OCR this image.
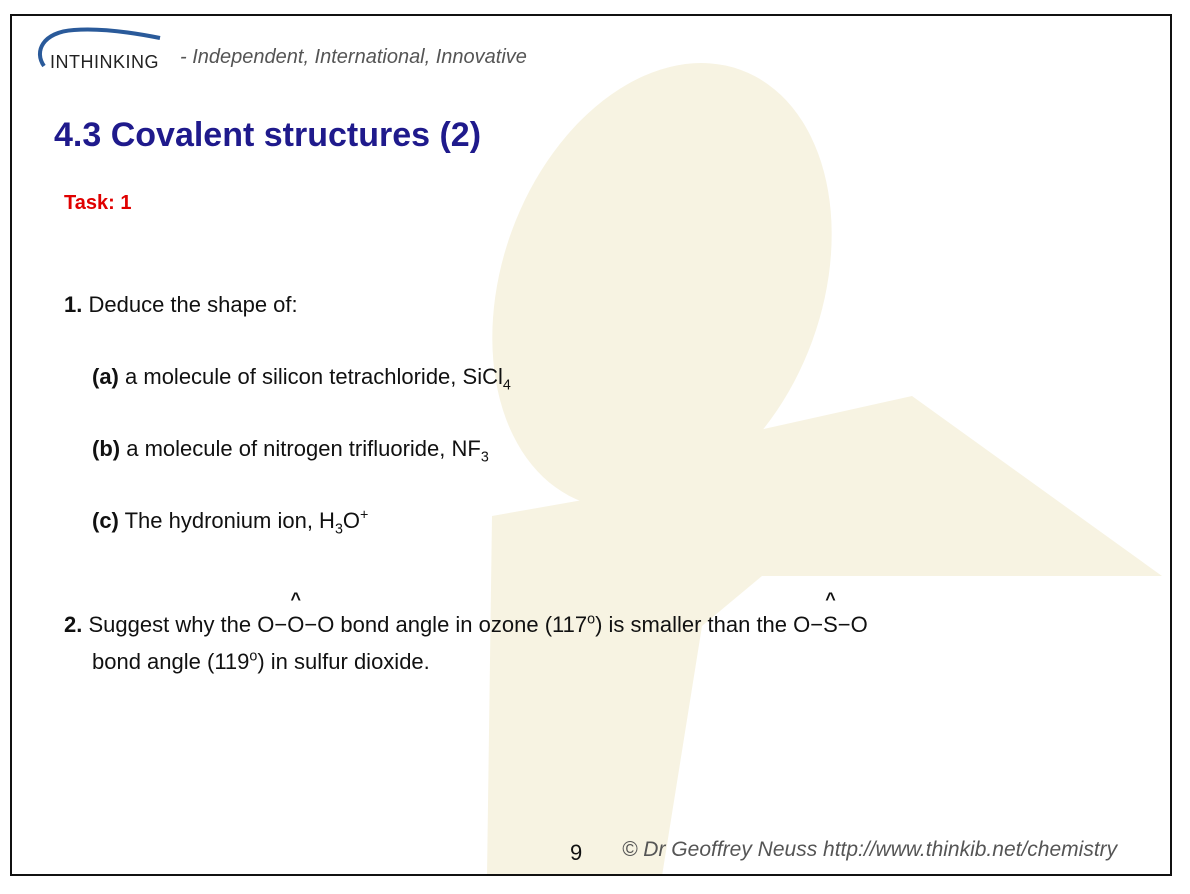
INTHINKING - Independent, International, Innovative
4.3 Covalent structures (2)
Task: 1
1. Deduce the shape of:
(a) a molecule of silicon tetrachloride, SiCl$_4$
(b) a molecule of nitrogen trifluoride, $NF_3$
(c) The hydronium ion, $H_3O^+$
2. Suggest why the O−^ O−O bond angle in ozone (117$^o$) is smaller than the O−^ S−O
bond angle (119$^o$) in sulfur dioxide.
9 © Dr Geoffrey Neuss http://www.thinkib.net/chemistry
